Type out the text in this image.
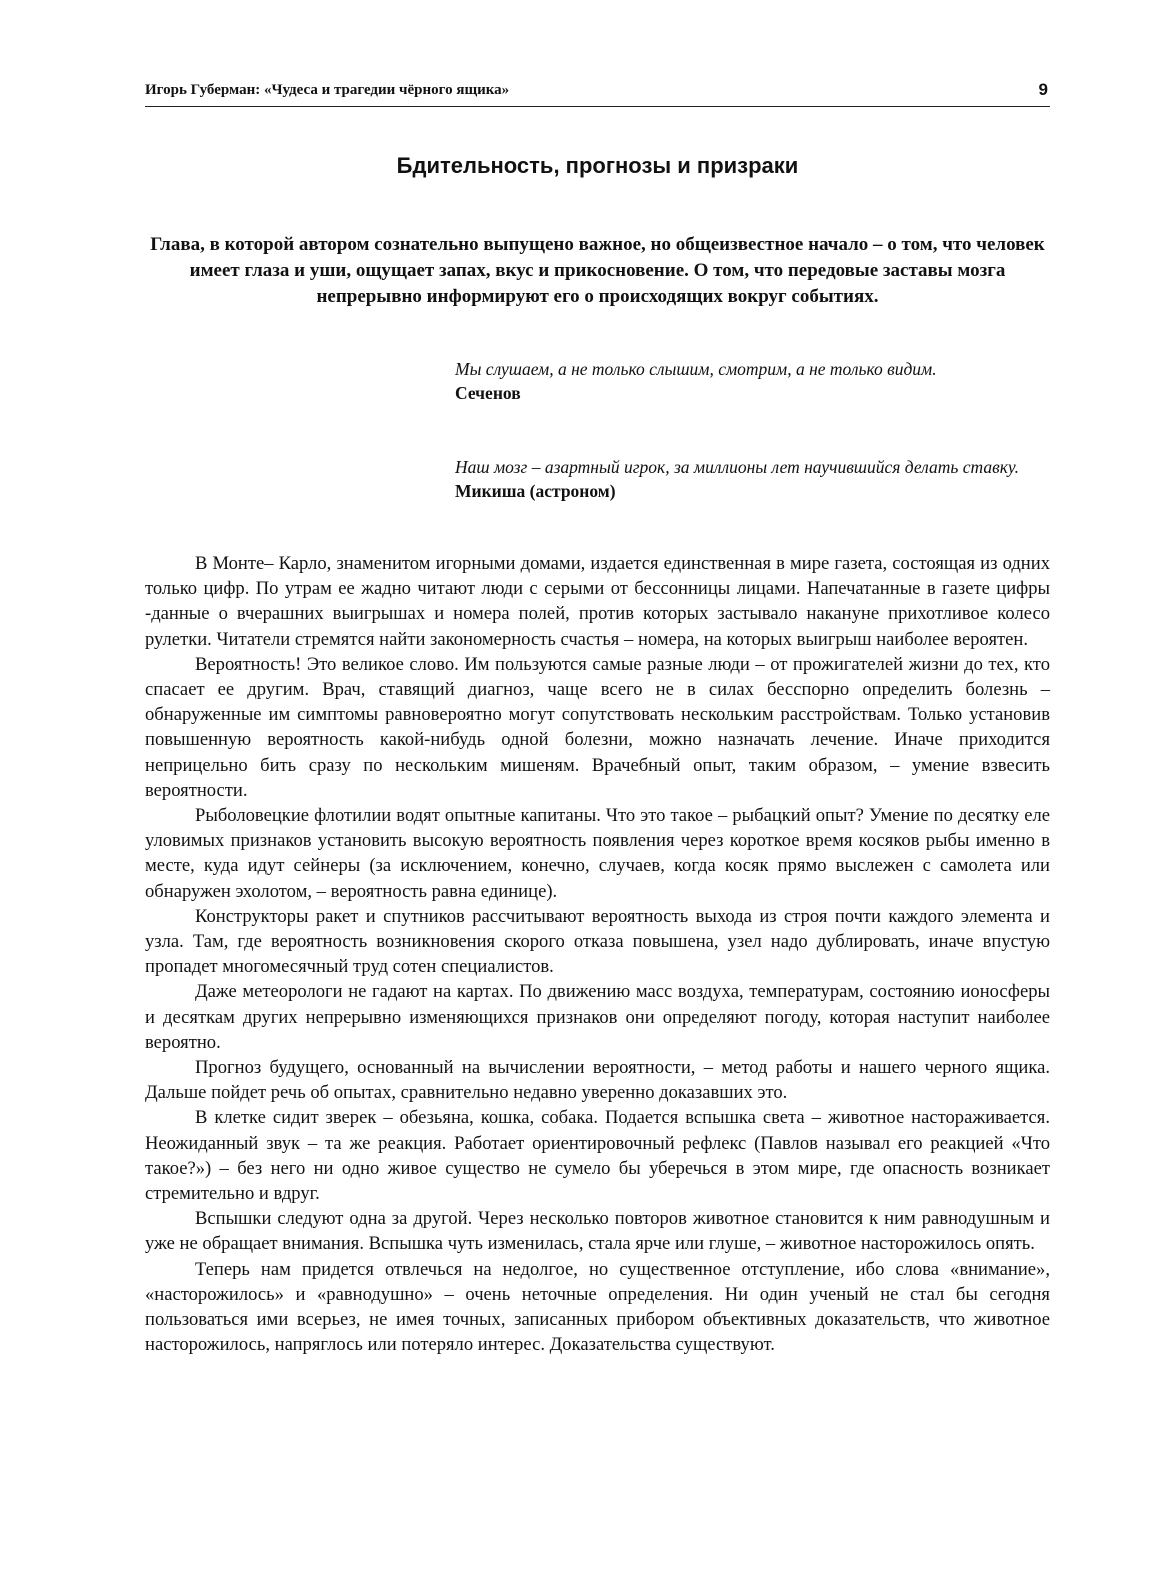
Игорь Губерман: «Чудеса и трагедии чёрного ящика»	9
Бдительность, прогнозы и призраки
Глава, в которой автором сознательно выпущено важное, но общеизвестное начало – о том, что человек имеет глаза и уши, ощущает запах, вкус и прикосновение. О том, что передовые заставы мозга непрерывно информируют его о происходящих вокруг событиях.
Мы слушаем, а не только слышим, смотрим, а не только видим.
Сеченов
Наш мозг – азартный игрок, за миллионы лет научившийся делать ставку.
Микиша (астроном)

В Монте– Карло, знаменитом игорными домами, издается единственная в мире газета, состоящая из одних только цифр. По утрам ее жадно читают люди с серыми от бессонницы лицами. Напечатанные в газете цифры -данные о вчерашних выигрышах и номера полей, против которых застывало накануне прихотливое колесо рулетки. Читатели стремятся найти закономерность счастья – номера, на которых выигрыш наиболее вероятен.

Вероятность! Это великое слово. Им пользуются самые разные люди – от прожигателей жизни до тех, кто спасает ее другим. Врач, ставящий диагноз, чаще всего не в силах бесспорно определить болезнь – обнаруженные им симптомы равновероятно могут сопутствовать нескольким расстройствам. Только установив повышенную вероятность какой-нибудь одной болезни, можно назначать лечение. Иначе приходится неприцельно бить сразу по нескольким мишеням. Врачебный опыт, таким образом, – умение взвесить вероятности.

Рыболовецкие флотилии водят опытные капитаны. Что это такое – рыбацкий опыт? Умение по десятку еле уловимых признаков установить высокую вероятность появления через короткое время косяков рыбы именно в месте, куда идут сейнеры (за исключением, конечно, случаев, когда косяк прямо выслежен с самолета или обнаружен эхолотом, – вероятность равна единице).

Конструкторы ракет и спутников рассчитывают вероятность выхода из строя почти каждого элемента и узла. Там, где вероятность возникновения скорого отказа повышена, узел надо дублировать, иначе впустую пропадет многомесячный труд сотен специалистов.

Даже метеорологи не гадают на картах. По движению масс воздуха, температурам, состоянию ионосферы и десяткам других непрерывно изменяющихся признаков они определяют погоду, которая наступит наиболее вероятно.

Прогноз будущего, основанный на вычислении вероятности, – метод работы и нашего черного ящика. Дальше пойдет речь об опытах, сравнительно недавно уверенно доказавших это.

В клетке сидит зверек – обезьяна, кошка, собака. Подается вспышка света – животное настораживается. Неожиданный звук – та же реакция. Работает ориентировочный рефлекс (Павлов называл его реакцией «Что такое?») – без него ни одно живое существо не сумело бы уберечься в этом мире, где опасность возникает стремительно и вдруг.

Вспышки следуют одна за другой. Через несколько повторов животное становится к ним равнодушным и уже не обращает внимания. Вспышка чуть изменилась, стала ярче или глуше, – животное насторожилось опять.

Теперь нам придется отвлечься на недолгое, но существенное отступление, ибо слова «внимание», «насторожилось» и «равнодушно» – очень неточные определения. Ни один ученый не стал бы сегодня пользоваться ими всерьез, не имея точных, записанных прибором объективных доказательств, что животное насторожилось, напряглось или потеряло интерес. Доказательства существуют.
